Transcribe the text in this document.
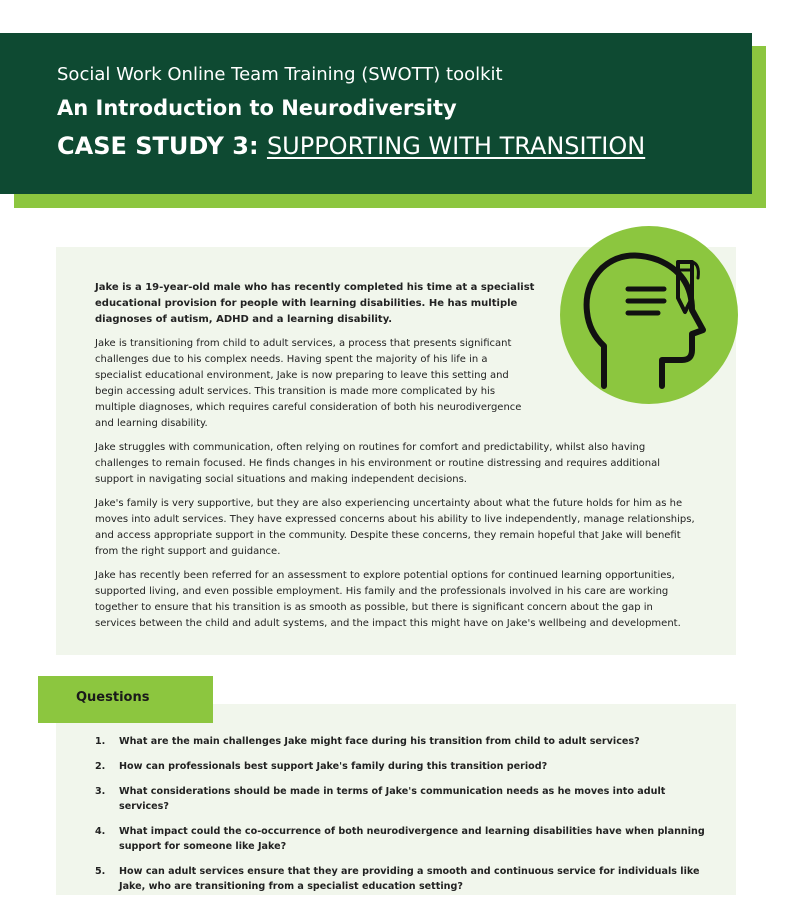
Social Work Online Team Training (SWOTT) toolkit

An Introduction to Neurodiversity

CASE STUDY 3: SUPPORTING WITH TRANSITION

Jake is a 19-year-old male who has recently completed his time at a specialist educational provision for people with learning disabilities. He has multiple diagnoses of autism, ADHD and a learning disability.

Jake is transitioning from child to adult services, a process that presents significant challenges due to his complex needs. Having spent the majority of his life in a specialist educational environment, Jake is now preparing to leave this setting and begin accessing adult services. This transition is made more complicated by his multiple diagnoses, which requires careful consideration of both his neurodivergence and learning disability.

Jake struggles with communication, often relying on routines for comfort and predictability, whilst also having challenges to remain focused. He finds changes in his environment or routine distressing and requires additional support in navigating social situations and making independent decisions.

Jake's family is very supportive, but they are also experiencing uncertainty about what the future holds for him as he moves into adult services. They have expressed concerns about his ability to live independently, manage relationships, and access appropriate support in the community. Despite these concerns, they remain hopeful that Jake will benefit from the right support and guidance.

Jake has recently been referred for an assessment to explore potential options for continued learning opportunities, supported living, and even possible employment. His family and the professionals involved in his care are working together to ensure that his transition is as smooth as possible, but there is significant concern about the gap in services between the child and adult systems, and the impact this might have on Jake's wellbeing and development.

Questions
1.	What are the main challenges Jake might face during his transition from child to adult services?
2.	How can professionals best support Jake's family during this transition period?
3.	What considerations should be made in terms of Jake's communication needs as he moves into adult services?
4.	What impact could the co-occurrence of both neurodivergence and learning disabilities have when planning support for someone like Jake?
5.	How can adult services ensure that they are providing a smooth and continuous service for individuals like Jake, who are transitioning from a specialist education setting?
